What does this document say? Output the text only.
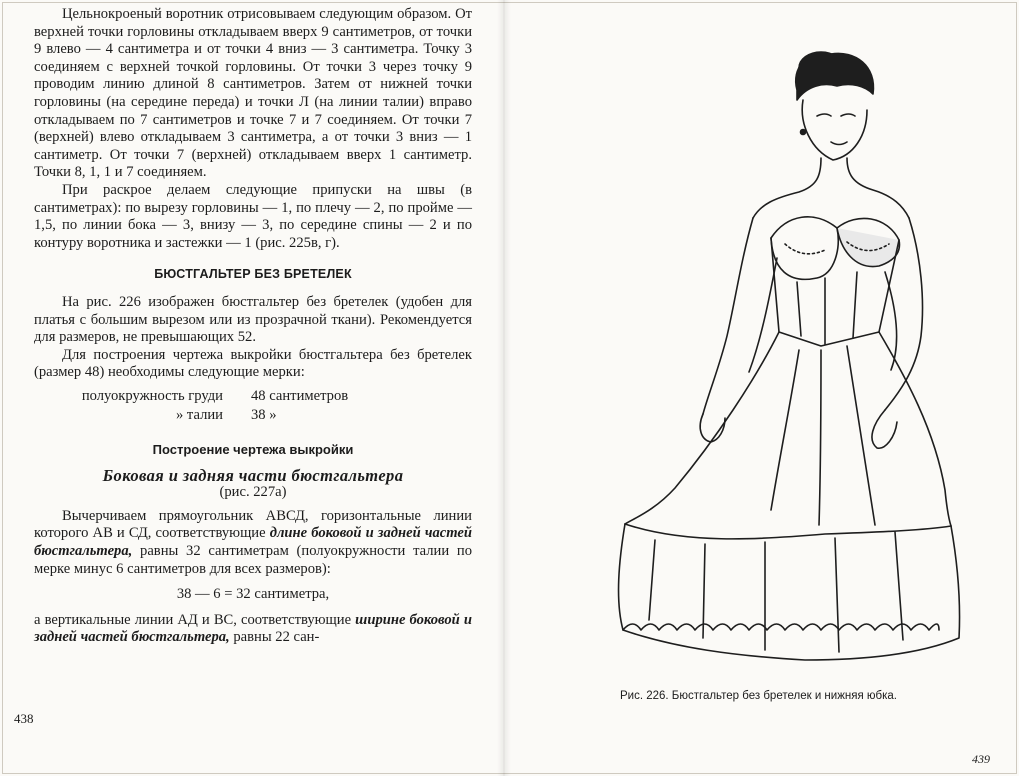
Цельнокроеный воротник отрисовываем следующим образом. От верхней точки горловины откладываем вверх 9 сантиметров, от точки 9 влево — 4 сантиметра и от точки 4 вниз — 3 сантиметра. Точку 3 соединяем с верхней точкой горловины. От точки 3 через точку 9 проводим линию длиной 8 сантиметров. Затем от нижней точки горловины (на середине переда) и точки Л (на линии талии) вправо откладываем по 7 сантиметров и точке 7 и 7 соединяем. От точки 7 (верхней) влево откладываем 3 сантиметра, а от точки 3 вниз — 1 сантиметр. От точки 7 (верхней) откладываем вверх 1 сантиметр. Точки 8, 1, 1 и 7 соединяем.

При раскрое делаем следующие припуски на швы (в сантиметрах): по вырезу горловины — 1, по плечу — 2, по пройме — 1,5, по линии бока — 3, внизу — 3, по середине спины — 2 и по контуру воротника и застежки — 1 (рис. 225в, г).

БЮСТГАЛЬТЕР БЕЗ БРЕТЕЛЕК

На рис. 226 изображен бюстгальтер без бретелек (удобен для платья с большим вырезом или из прозрачной ткани). Рекомендуется для размеров, не превышающих 52.

Для построения чертежа выкройки бюстгальтера без бретелек (размер 48) необходимы следующие мерки:

полуокружность груди	48 сантиметров
» талии	38 »
Построение чертежа выкройки
Боковая и задняя части бюстгальтера
(рис. 227а)

Вычерчиваем прямоугольник АВСД, горизонтальные линии которого АВ и СД, соответствующие длине боковой и задней частей бюстгальтера, равны 32 сантиметрам (полуокружности талии по мерке минус 6 сантиметров для всех размеров):

38 — 6 = 32 сантиметра,

а вертикальные линии АД и ВС, соответствующие ширине боковой и задней частей бюстгальтера, равны 22 сан-

438
Рис. 226. Бюстгальтер без бретелек и нижняя юбка.
439
